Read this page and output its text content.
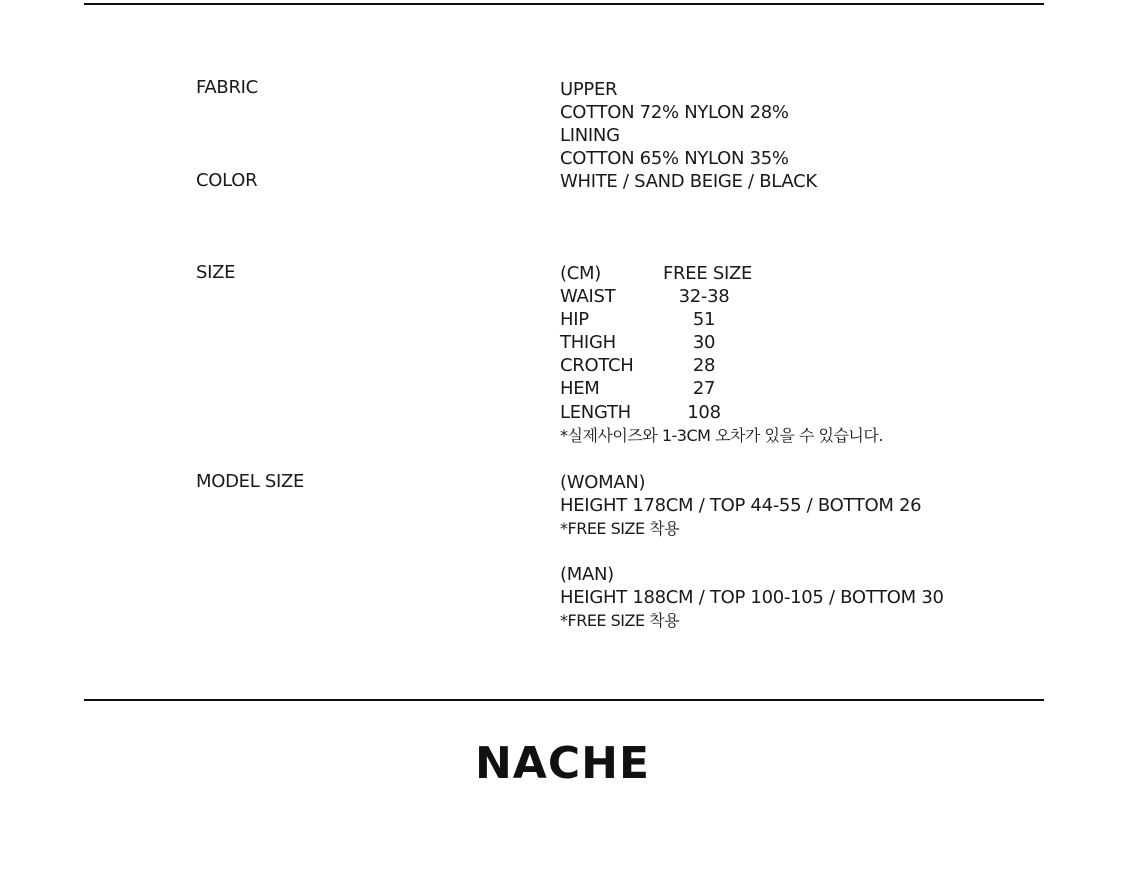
FABRIC	UPPER
COTTON 72% NYLON 28%
LINING
COTTON 65% NYLON 35%
COLOR	WHITE / SAND BEIGE / BLACK
SIZE	(CM)	FREE SIZE
WAIST	32-38
HIP	51
THIGH	30
CROTCH	28
HEM	27
LENGTH	108
*실제사이즈와 1-3CM 오차가 있을 수 있습니다.
MODEL SIZE	(WOMAN)
HEIGHT 178CM / TOP 44-55 / BOTTOM 26
*FREE SIZE 착용
(MAN)
HEIGHT 188CM / TOP 100-105 / BOTTOM 30
*FREE SIZE 착용
NACHE
